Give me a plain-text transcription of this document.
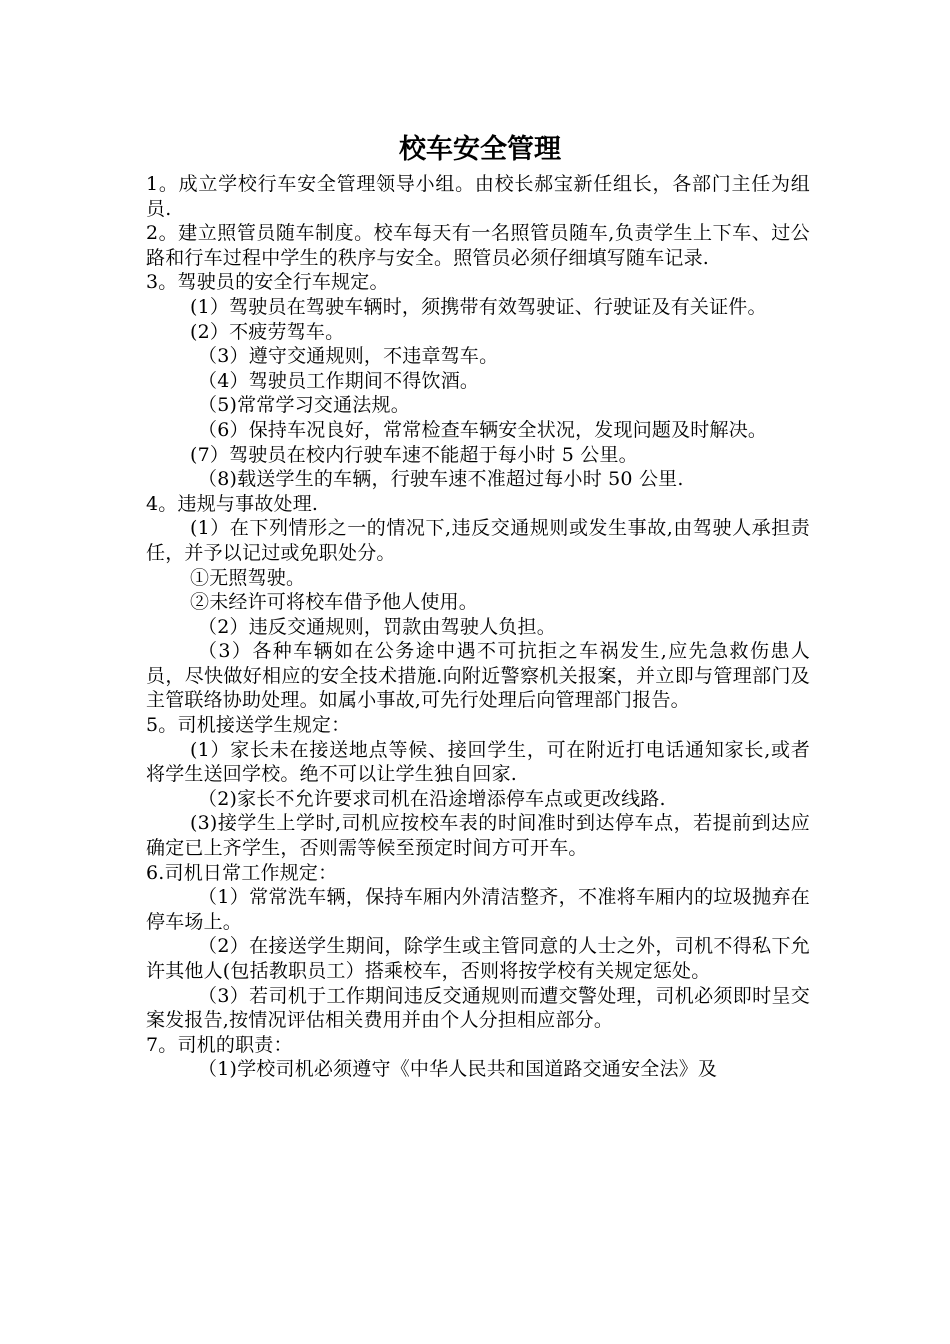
校车安全管理

1。成立学校行车安全管理领导小组。由校长郝宝新任组长，各部门主任为组员.

2。建立照管员随车制度。校车每天有一名照管员随车,负责学生上下车、过公路和行车过程中学生的秩序与安全。照管员必须仔细填写随车记录.

3。驾驶员的安全行车规定。

(1）驾驶员在驾驶车辆时，须携带有效驾驶证、行驶证及有关证件。

(2）不疲劳驾车。

（3）遵守交通规则，不违章驾车。

（4）驾驶员工作期间不得饮酒。

（5)常常学习交通法规。

（6）保持车况良好，常常检查车辆安全状况，发现问题及时解决。

(7）驾驶员在校内行驶车速不能超于每小时 5 公里。

（8)载送学生的车辆，行驶车速不准超过每小时 50 公里.

4。违规与事故处理.

(1）在下列情形之一的情况下,违反交通规则或发生事故,由驾驶人承担责任，并予以记过或免职处分。

①无照驾驶。

②未经许可将校车借予他人使用。

（2）违反交通规则，罚款由驾驶人负担。

（3）各种车辆如在公务途中遇不可抗拒之车祸发生,应先急救伤患人员，尽快做好相应的安全技术措施.向附近警察机关报案，并立即与管理部门及主管联络协助处理。如属小事故,可先行处理后向管理部门报告。

5。司机接送学生规定：

(1）家长未在接送地点等候、接回学生，可在附近打电话通知家长,或者将学生送回学校。绝不可以让学生独自回家.

（2)家长不允许要求司机在沿途增添停车点或更改线路.

(3)接学生上学时,司机应按校车表的时间准时到达停车点，若提前到达应确定已上齐学生，否则需等候至预定时间方可开车。

6.司机日常工作规定：

（1）常常洗车辆，保持车厢内外清洁整齐，不准将车厢内的垃圾抛弃在停车场上。

（2）在接送学生期间，除学生或主管同意的人士之外，司机不得私下允许其他人(包括教职员工）搭乘校车，否则将按学校有关规定惩处。

（3）若司机于工作期间违反交通规则而遭交警处理，司机必须即时呈交案发报告,按情况评估相关费用并由个人分担相应部分。

7。司机的职责：

（1)学校司机必须遵守《中华人民共和国道路交通安全法》及
